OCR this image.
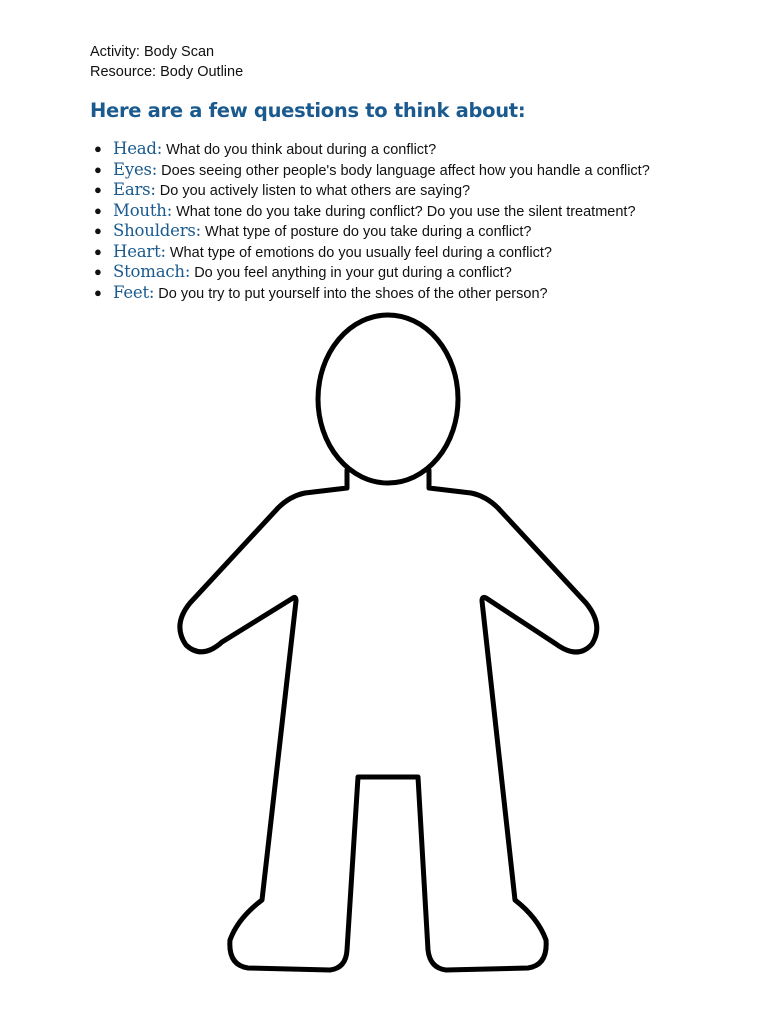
Activity: Body Scan
Resource: Body Outline
Here are a few questions to think about:
● Head: What do you think about during a conflict?
● Eyes: Does seeing other people's body language affect how you handle a conflict?
● Ears: Do you actively listen to what others are saying?
● Mouth: What tone do you take during conflict? Do you use the silent treatment?
● Shoulders: What type of posture do you take during a conflict?
● Heart: What type of emotions do you usually feel during a conflict?
● Stomach: Do you feel anything in your gut during a conflict?
● Feet: Do you try to put yourself into the shoes of the other person?
